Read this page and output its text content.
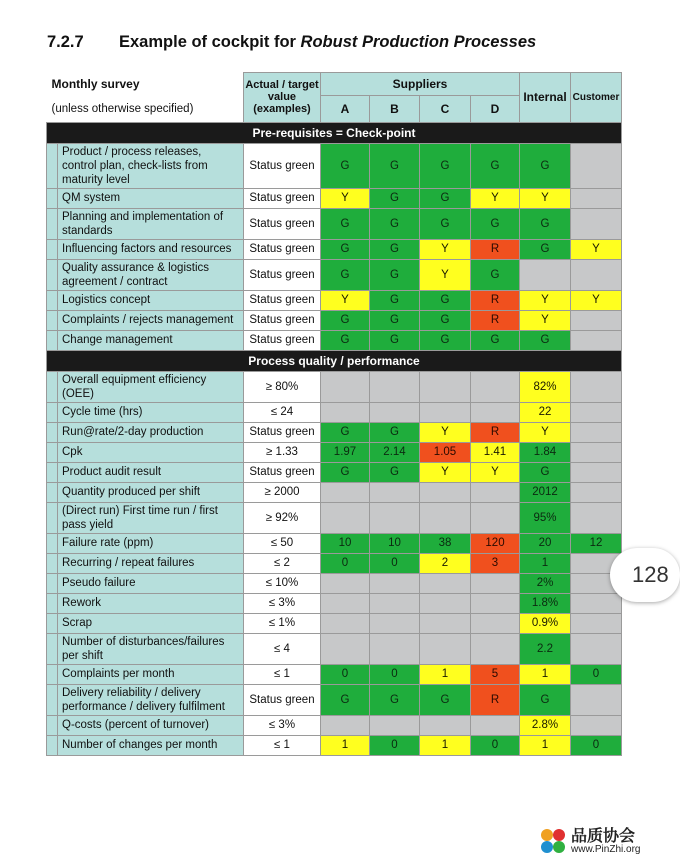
7.2.7 Example of cockpit for Robust Production Processes
Monthly survey		Actual / target value (examples)	Suppliers				Internal	Customer
(unless otherwise specified)			A	B	C	D		
Pre-requisites = Check-point								
	Product / process releases, control plan, check-lists from maturity level	Status green	G	G	G	G	G	
	QM system	Status green	Y	G	G	Y	Y	
	Planning and implementation of standards	Status green	G	G	G	G	G	
	Influencing factors and resources	Status green	G	G	Y	R	G	Y
	Quality assurance & logistics agreement / contract	Status green	G	G	Y	G		
	Logistics concept	Status green	Y	G	G	R	Y	Y
	Complaints / rejects management	Status green	G	G	G	R	Y	
	Change management	Status green	G	G	G	G	G	
Process quality / performance								
	Overall equipment efficiency (OEE)	≥ 80%					82%	
	Cycle time (hrs)	≤ 24					22	
	Run@rate/2-day production	Status green	G	G	Y	R	Y	
	Cpk	≥ 1.33	1.97	2.14	1.05	1.41	1.84	
	Product audit result	Status green	G	G	Y	Y	G	
	Quantity produced per shift	≥ 2000					2012	
	(Direct run) First time run / first pass yield	≥ 92%					95%	
	Failure rate (ppm)	≤ 50	10	10	38	120	20	12
	Recurring / repeat failures	≤ 2	0	0	2	3	1	
	Pseudo failure	≤ 10%					2%	
	Rework	≤ 3%					1.8%	
	Scrap	≤ 1%					0.9%	
	Number of disturbances/failures per shift	≤ 4					2.2	
	Complaints per month	≤ 1	0	0	1	5	1	0
	Delivery reliability / delivery performance / delivery fulfilment	Status green	G	G	G	R	G	
	Q-costs (percent of turnover)	≤ 3%					2.8%	
	Number of changes per month	≤ 1	1	0	1	0	1	0
128
品质协会
www.PinZhi.org
